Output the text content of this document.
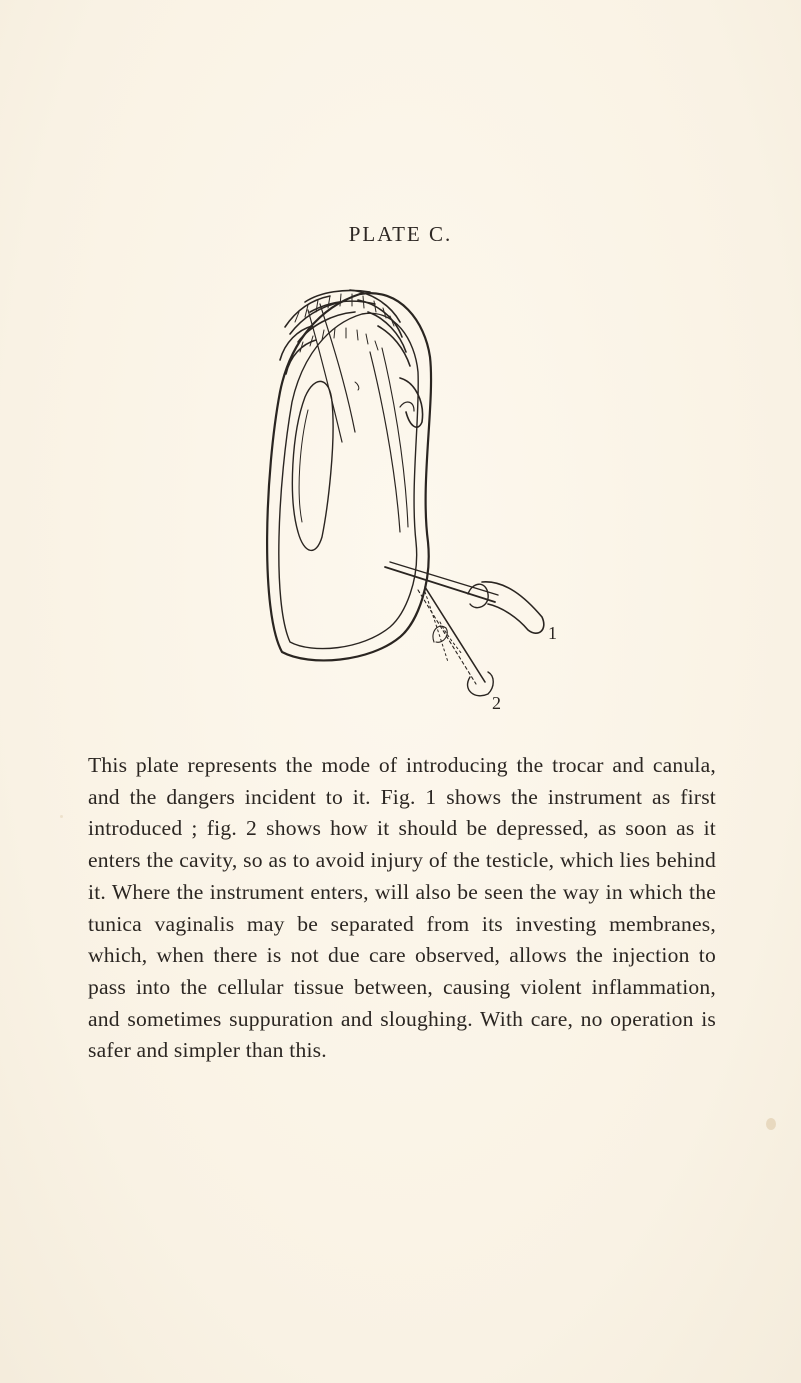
PLATE C.
1
2
This plate represents the mode of introducing the trocar and canula, and the dangers incident to it. Fig. 1 shows the instrument as first introduced ; fig. 2 shows how it should be depressed, as soon as it enters the cavity, so as to avoid injury of the testicle, which lies behind it. Where the instrument enters, will also be seen the way in which the tunica vaginalis may be separated from its investing membranes, which, when there is not due care observed, allows the injection to pass into the cellular tissue between, causing violent inflammation, and sometimes suppuration and sloughing. With care, no operation is safer and simpler than this.
